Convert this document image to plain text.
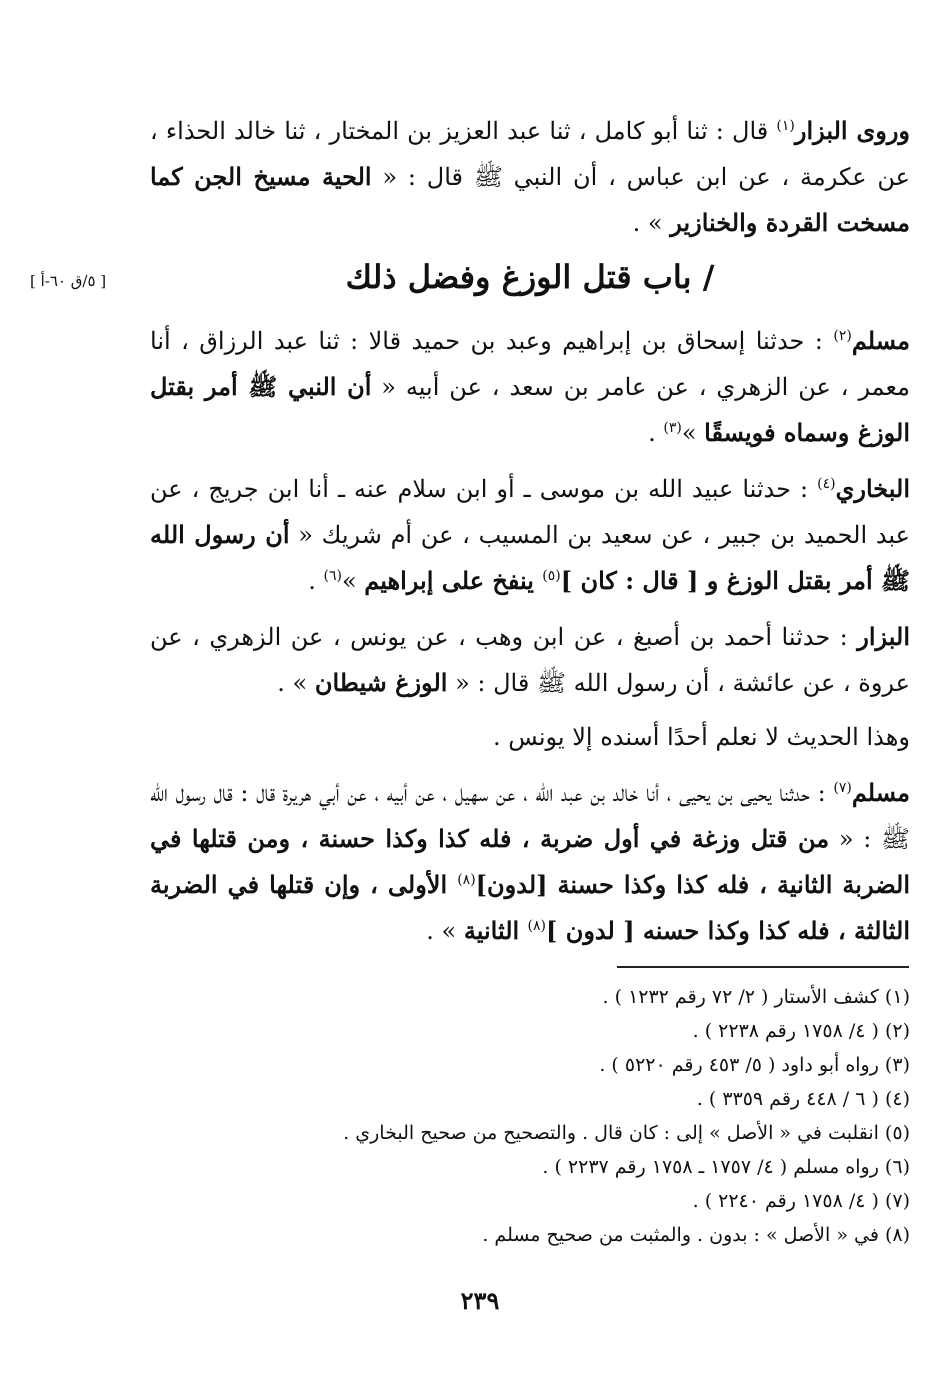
وروى البزار$^{(١)}$ قال : ثنا أبو كامل ، ثنا عبد العزيز بن المختار ، ثنا خالد الحذاء ، عن عكرمة ، عن ابن عباس ، أن النبي ﷺ قال : « الحية مسيخ الجن كما مسخت القردة والخنازير » .

/ باب قتل الوزغ وفضل ذلك
[ ٥/ق ٦٠-أ ]

مسلم$^{(٢)}$ : حدثنا إسحاق بن إبراهيم وعبد بن حميد قالا : ثنا عبد الرزاق ، أنا معمر ، عن الزهري ، عن عامر بن سعد ، عن أبيه « أن النبي ﷺ أمر بقتل الوزغ وسماه فويسقًا »$^{(٣)}$ .

البخاري$^{(٤)}$ : حدثنا عبيد الله بن موسى ـ أو ابن سلام عنه ـ أنا ابن جريج ، عن عبد الحميد بن جبير ، عن سعيد بن المسيب ، عن أم شريك « أن رسول الله ﷺ أمر بقتل الوزغ و [ قال : كان ]$^{(٥)}$ ينفخ على إبراهيم »$^{(٦)}$ .

البزار : حدثنا أحمد بن أصبغ ، عن ابن وهب ، عن يونس ، عن الزهري ، عن عروة ، عن عائشة ، أن رسول الله ﷺ قال : « الوزغ شيطان » .

وهذا الحديث لا نعلم أحدًا أسنده إلا يونس .

مسلم$^{(٧)}$ : حدثنا يحيى بن يحيى ، أنا خالد بن عبد الله ، عن سهيل ، عن أبيه ، عن أبي هريرة قال : قال رسول الله ﷺ : « من قتل وزغة في أول ضربة ، فله كذا وكذا حسنة ، ومن قتلها في الضربة الثانية ، فله كذا وكذا حسنة [لدون]$^{(٨)}$ الأولى ، وإن قتلها في الضربة الثالثة ، فله كذا وكذا حسنه [ لدون ]$^{(٨)}$ الثانية » .

(١) كشف الأستار ( ٢/ ٧٢ رقم ١٢٣٢ ) .
(٢) ( ٤/ ١٧٥٨ رقم ٢٢٣٨ ) .
(٣) رواه أبو داود ( ٥/ ٤٥٣ رقم ٥٢٢٠ ) .
(٤) ( ٦ / ٤٤٨ رقم ٣٣٥٩ ) .
(٥) انقلبت في « الأصل » إلى : كان قال . والتصحيح من صحيح البخاري .
(٦) رواه مسلم ( ٤/ ١٧٥٧ ـ ١٧٥٨ رقم ٢٢٣٧ ) .
(٧) ( ٤/ ١٧٥٨ رقم ٢٢٤٠ ) .
(٨) في « الأصل » : بدون . والمثبت من صحيح مسلم .
٢٣٩
